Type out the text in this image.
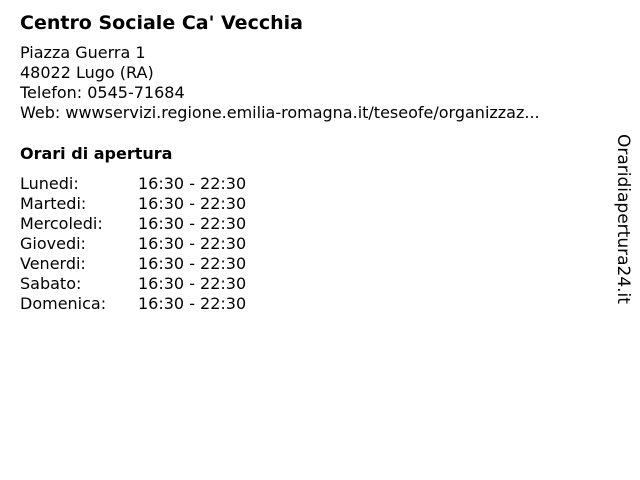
Centro Sociale Ca' Vecchia
Piazza Guerra 1
48022 Lugo (RA)
Telefon: 0545-71684
Web: wwwservizi.regione.emilia-romagna.it/teseofe/organizzaz...
Orari di apertura
Lunedi:	16:30 - 22:30
Martedi:	16:30 - 22:30
Mercoledi: 16:30 - 22:30
Giovedi:	16:30 - 22:30
Venerdi:	16:30 - 22:30
Sabato:	16:30 - 22:30
Domenica: 16:30 - 22:30	Oraridiapertura24.it
